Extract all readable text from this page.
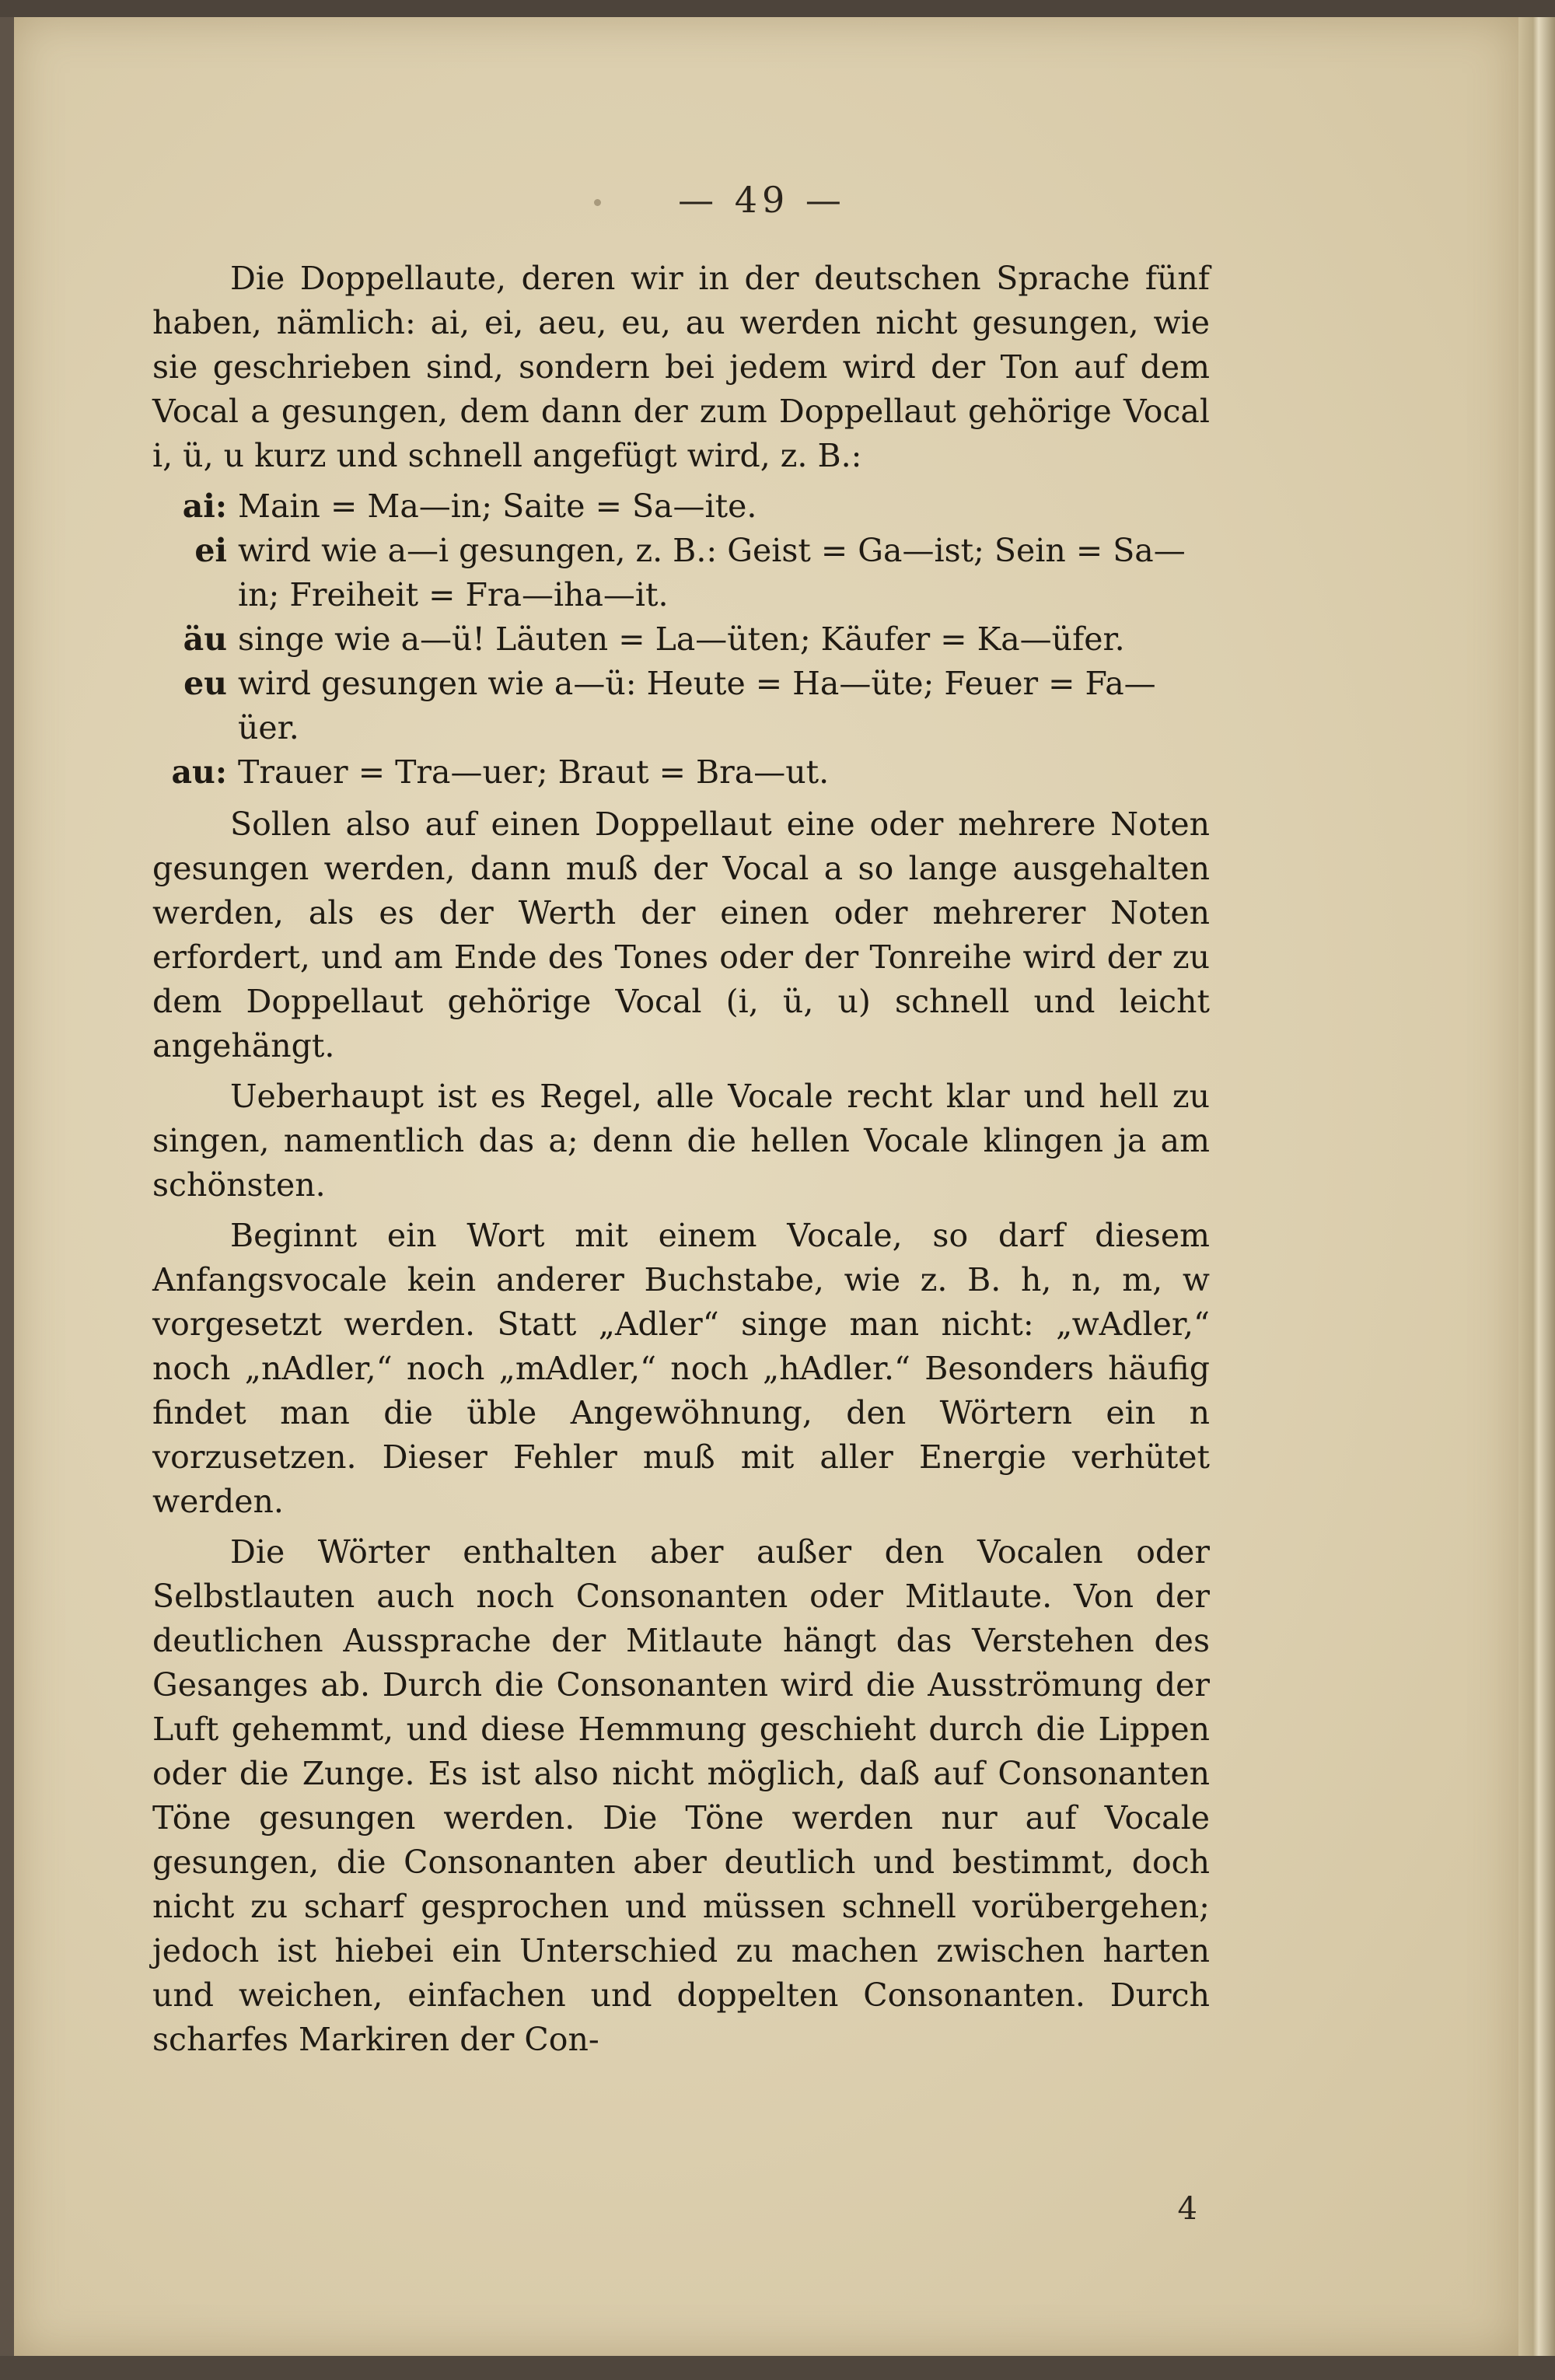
— 49 —

Die Doppellaute, deren wir in der deutschen Sprache fünf haben, nämlich: ai, ei, aeu, eu, au werden nicht gesungen, wie sie geschrieben sind, sondern bei jedem wird der Ton auf dem Vocal a gesungen, dem dann der zum Doppellaut gehörige Vocal i, ü, u kurz und schnell angefügt wird, z. B.:

ai: Main = Ma—in; Saite = Sa—ite.
ei wird wie a—i gesungen, z. B.: Geist = Ga—ist; Sein = Sa—in; Freiheit = Fra—iha—it.
äu singe wie a—ü! Läuten = La—üten; Käufer = Ka—üfer.
eu wird gesungen wie a—ü: Heute = Ha—üte; Feuer = Fa—üer.
au: Trauer = Tra—uer; Braut = Bra—ut.

Sollen also auf einen Doppellaut eine oder mehrere Noten gesungen werden, dann muß der Vocal a so lange ausgehalten werden, als es der Werth der einen oder mehrerer Noten erfordert, und am Ende des Tones oder der Tonreihe wird der zu dem Doppellaut gehörige Vocal (i, ü, u) schnell und leicht angehängt.

Ueberhaupt ist es Regel, alle Vocale recht klar und hell zu singen, namentlich das a; denn die hellen Vocale klingen ja am schönsten.

Beginnt ein Wort mit einem Vocale, so darf diesem Anfangsvocale kein anderer Buchstabe, wie z. B. h, n, m, w vorgesetzt werden. Statt „Adler“ singe man nicht: „wAdler,“ noch „nAdler,“ noch „mAdler,“ noch „hAdler.“ Besonders häufig findet man die üble Angewöhnung, den Wörtern ein n vorzusetzen. Dieser Fehler muß mit aller Energie verhütet werden.

Die Wörter enthalten aber außer den Vocalen oder Selbstlauten auch noch Consonanten oder Mitlaute. Von der deutlichen Aussprache der Mitlaute hängt das Verstehen des Gesanges ab. Durch die Consonanten wird die Ausströmung der Luft gehemmt, und diese Hemmung geschieht durch die Lippen oder die Zunge. Es ist also nicht möglich, daß auf Consonanten Töne gesungen werden. Die Töne werden nur auf Vocale gesungen, die Consonanten aber deutlich und bestimmt, doch nicht zu scharf gesprochen und müssen schnell vorübergehen; jedoch ist hiebei ein Unterschied zu machen zwischen harten und weichen, einfachen und doppelten Consonanten. Durch scharfes Markiren der Con-

4
